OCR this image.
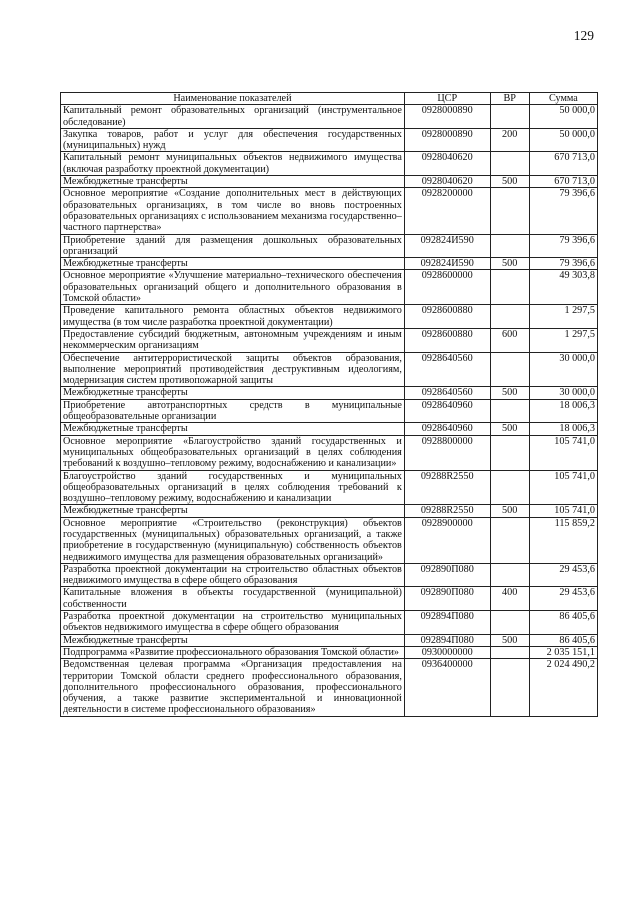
129
Наименование показателей	ЦСР	ВР	Сумма
Капитальный ремонт образовательных организаций (инструментальное обследование)	0928000890		50 000,0
Закупка товаров, работ и услуг для обеспечения государственных (муниципальных) нужд	0928000890	200	50 000,0
Капитальный ремонт муниципальных объектов недвижимого имущества (включая разработку проектной документации)	0928040620		670 713,0
Межбюджетные трансферты	0928040620	500	670 713,0
Основное мероприятие «Создание дополнительных мест в действующих образовательных организациях, в том числе во вновь построенных образовательных организациях с использованием механизма государственно–частного партнерства»	0928200000		79 396,6
Приобретение зданий для размещения дошкольных образовательных организаций	092824И590		79 396,6
Межбюджетные трансферты	092824И590	500	79 396,6
Основное мероприятие «Улучшение материально–технического обеспечения образовательных организаций общего и дополнительного образования в Томской области»	0928600000		49 303,8
Проведение капитального ремонта областных объектов недвижимого имущества (в том числе разработка проектной документации)	0928600880		1 297,5
Предоставление субсидий бюджетным, автономным учреждениям и иным некоммерческим организациям	0928600880	600	1 297,5
Обеспечение антитеррористической защиты объектов образования, выполнение мероприятий противодействия деструктивным идеологиям, модернизация систем противопожарной защиты	0928640560		30 000,0
Межбюджетные трансферты	0928640560	500	30 000,0
Приобретение автотранспортных средств в муниципальные общеобразовательные организации	0928640960		18 006,3
Межбюджетные трансферты	0928640960	500	18 006,3
Основное мероприятие «Благоустройство зданий государственных и муниципальных общеобразовательных организаций в целях соблюдения требований к воздушно–тепловому режиму, водоснабжению и канализации»	0928800000		105 741,0
Благоустройство зданий государственных и муниципальных общеобразовательных организаций в целях соблюдения требований к воздушно–тепловому режиму, водоснабжению и канализации	09288R2550		105 741,0
Межбюджетные трансферты	09288R2550	500	105 741,0
Основное мероприятие «Строительство (реконструкция) объектов государственных (муниципальных) образовательных организаций, а также приобретение в государственную (муниципальную) собственность объектов недвижимого имущества для размещения образовательных организаций»	0928900000		115 859,2
Разработка проектной документации на строительство областных объектов недвижимого имущества в сфере общего образования	092890П080		29 453,6
Капитальные вложения в объекты государственной (муниципальной) собственности	092890П080	400	29 453,6
Разработка проектной документации на строительство муниципальных объектов недвижимого имущества в сфере общего образования	092894П080		86 405,6
Межбюджетные трансферты	092894П080	500	86 405,6
Подпрограмма «Развитие профессионального образования Томской области»	0930000000		2 035 151,1
Ведомственная целевая программа «Организация предоставления на территории Томской области среднего профессионального образования, дополнительного профессионального образования, профессионального обучения, а также развитие экспериментальной и инновационной деятельности в системе профессионального образования»	0936400000		2 024 490,2
